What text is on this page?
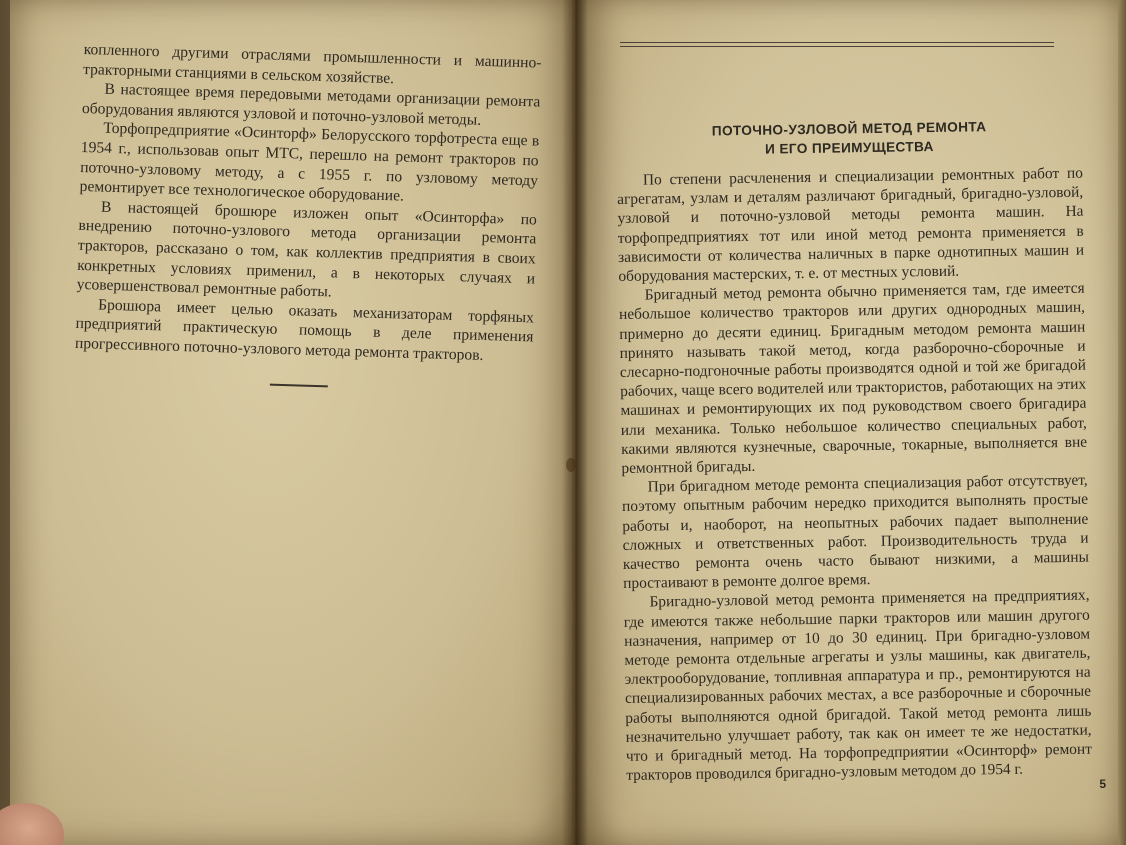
копленного другими отраслями промышленности и машинно-тракторными станциями в сельском хозяйстве.

В настоящее время передовыми методами организации ремонта оборудования являются узловой и поточно-узловой методы.

Торфопредприятие «Осинторф» Белорусского торфотреста еще в 1954 г., использовав опыт МТС, перешло на ремонт тракторов по поточно-узловому методу, а с 1955 г. по узловому методу ремонтирует все технологическое оборудование.

В настоящей брошюре изложен опыт «Осинторфа» по внедрению поточно-узлового метода организации ремонта тракторов, рассказано о том, как коллектив предприятия в своих конкретных условиях применил, а в некоторых случаях и усовершенствовал ремонтные работы.

Брошюра имеет целью оказать механизаторам торфяных предприятий практическую помощь в деле применения прогрессивного поточно-узлового метода ремонта тракторов.

ПОТОЧНО-УЗЛОВОЙ МЕТОД РЕМОНТА
И ЕГО ПРЕИМУЩЕСТВА

По степени расчленения и специализации ремонтных работ по агрегатам, узлам и деталям различают бригадный, бригадно-узловой, узловой и поточно-узловой методы ремонта машин. На торфопредприятиях тот или иной метод ремонта применяется в зависимости от количества наличных в парке однотипных машин и оборудования мастерских, т. е. от местных условий.

Бригадный метод ремонта обычно применяется там, где имеется небольшое количество тракторов или других однородных машин, примерно до десяти единиц. Бригадным методом ремонта машин принято называть такой метод, когда разборочно-сборочные и слесарно-подгоночные работы производятся одной и той же бригадой рабочих, чаще всего водителей или трактористов, работающих на этих машинах и ремонтирующих их под руководством своего бригадира или механика. Только небольшое количество специальных работ, какими являются кузнечные, сварочные, токарные, выполняется вне ремонтной бригады.

При бригадном методе ремонта специализация работ отсутствует, поэтому опытным рабочим нередко приходится выполнять простые работы и, наоборот, на неопытных рабочих падает выполнение сложных и ответственных работ. Производительность труда и качество ремонта очень часто бывают низкими, а машины простаивают в ремонте долгое время.

Бригадно-узловой метод ремонта применяется на предприятиях, где имеются также небольшие парки тракторов или машин другого назначения, например от 10 до 30 единиц. При бригадно-узловом методе ремонта отдельные агрегаты и узлы машины, как двигатель, электрооборудование, топливная аппаратура и пр., ремонтируются на специализированных рабочих местах, а все разборочные и сборочные работы выполняются одной бригадой. Такой метод ремонта лишь незначительно улучшает работу, так как он имеет те же недостатки, что и бригадный метод. На торфопредприятии «Осинторф» ремонт тракторов проводился бригадно-узловым методом до 1954 г.	5
